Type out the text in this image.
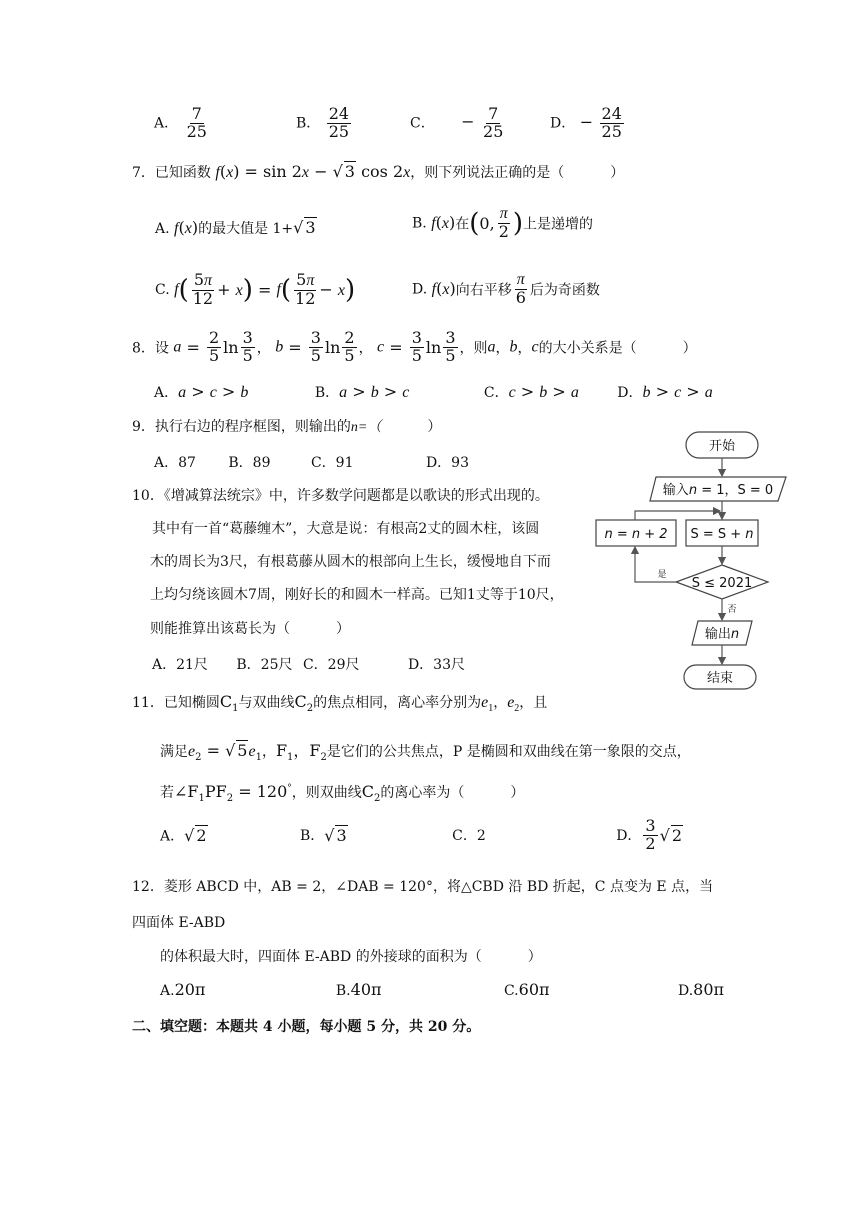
A． $\frac{7}{25}$	B． $\frac{24}{25}$	C． − $\frac{7}{25}$	D． − $\frac{24}{25}$
7．已知函数 f(x) = sin 2x − √ 3 cos 2x，则下列说法正确的是（	）
A. f(x)的最大值是 1+√ 3	B. f(x)在(0, $\frac{\pi}{2}$ )上是递增的
C. $f( \frac{5\pi}{12} + x) = f( \frac{5\pi}{12} - x)$	D. f(x)向右平移 $\frac{\pi}{6}$ 后为奇函数
8．设 $a = \frac{2}{5}$ $\ln \frac{3}{5}$ ， $b = \frac{3}{5}$ $\ln \frac{2}{5}$ ， $c = \frac{3}{5}$ $\ln \frac{3}{5}$ ，则a，b，c的大小关系是（	）
A．a > c > b	B．a > b > c	C．c > b > a	D．b > c > a
9．执行右边的程序框图，则输出的n=（	）
A．87 B．89	C．91	D．93
10．《增减算法统宗》中，许多数学问题都是以歌诀的形式出现的。
其中有一首“葛藤缠木”，大意是说：有根高2丈的圆木柱，该圆
木的周长为3尺，有根葛藤从圆木的根部向上生长，缓慢地自下而
上均匀绕该圆木7周，刚好长的和圆木一样高。已知1丈等于10尺，
则能推算出该葛长为（	）
A．21尺 B．25尺 C．29尺	D．33尺
开始
输入n = 1，S = 0
S = S + n
n = n + 2
S ≤ 2021
是
否
输出n
结束
11．已知椭圆$C_1$与双曲线$C_2$的焦点相同，离心率分别为$e_1$，$e_2$，且
满足$e_2$ = √ $5e_1$，$F_1$，$F_2$是它们的公共焦点，P 是椭圆和双曲线在第一象限的交点，
若$\angle F_1PF_2 = 120^\circ$，则双曲线$C_2$的离心率为（	）
A．√ 2	B．√ 3	C．2	D． $\frac{3}{2}$ √ 2
12．菱形 ABCD 中，AB = 2，∠DAB = 120°，将△CBD 沿 BD 折起，C 点变为 E 点，当
四面体 E-ABD
的体积最大时，四面体 E-ABD 的外接球的面积为（	）
A.20π	B.40π	C.60π	D.80π
二、填空题：本题共 4 小题，每小题 5 分，共 20 分。
